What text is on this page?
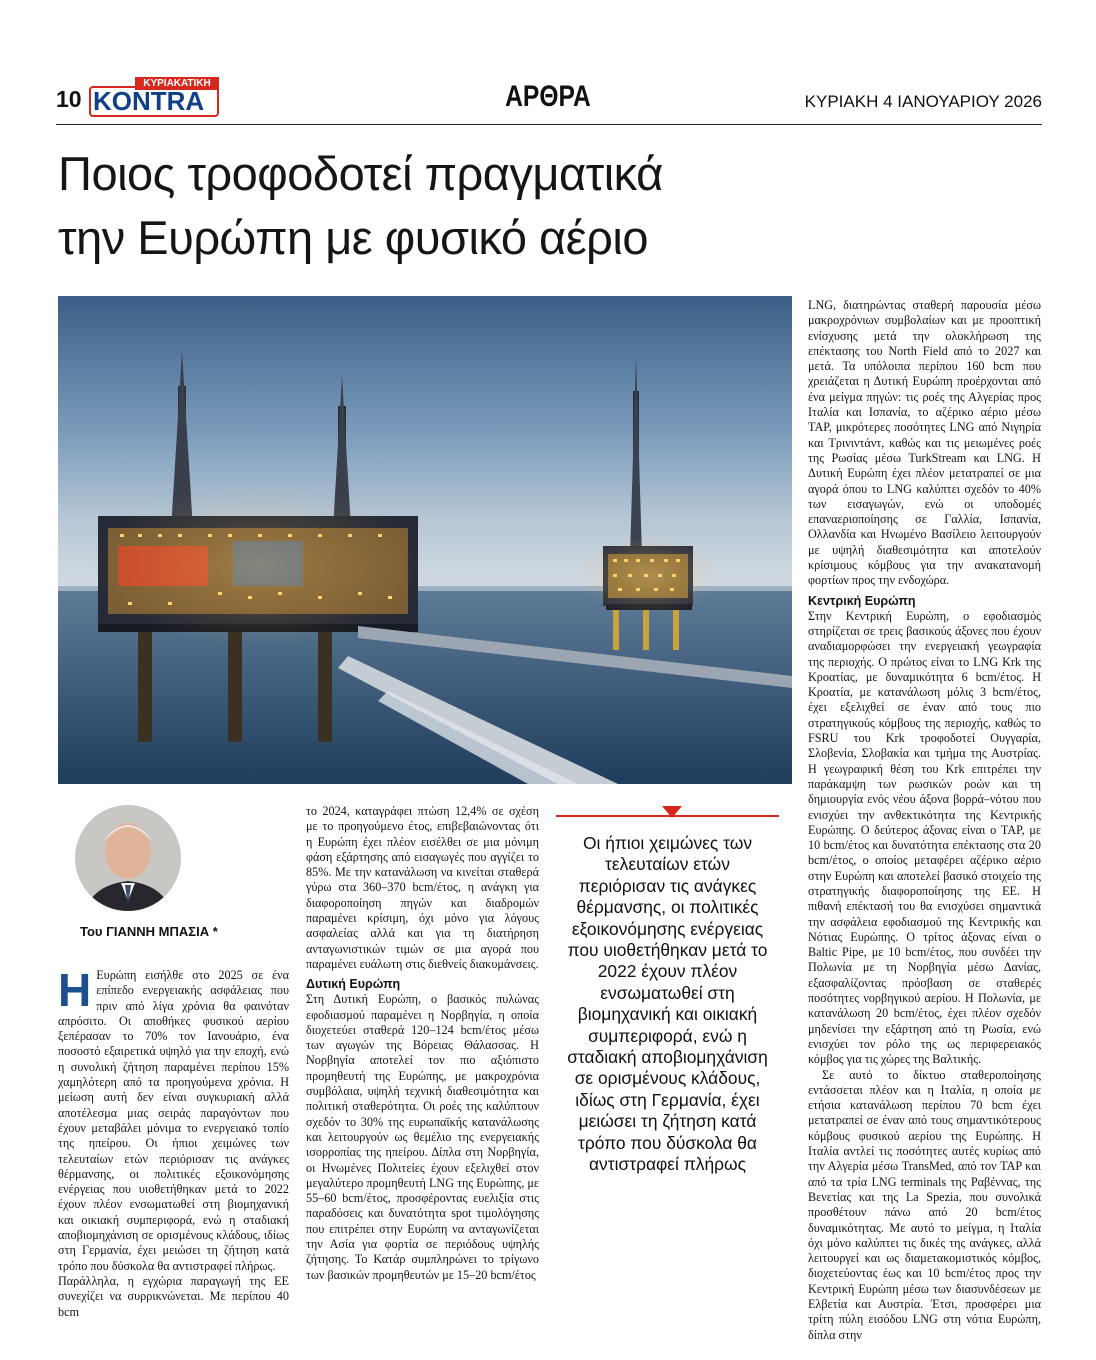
10
ΚΥΡΙΑΚΑΤΙΚΗ
KONTRA	ΑΡΘΡΑ	ΚΥΡΙΑΚΗ 4 ΙΑΝΟΥΑΡΙΟΥ 2026
Ποιος τροφοδοτεί πραγματικά
την Ευρώπη με φυσικό αέριο

LNG, διατηρώντας σταθερή παρουσία μέσω μακροχρόνιων συμβολαίων και με προοπτική ενίσχυσης μετά την ολοκλήρωση της επέκτασης του North Field από το 2027 και μετά. Τα υπόλοιπα περίπου 160 bcm που χρειάζεται η Δυτική Ευρώπη προέρχονται από ένα μείγμα πηγών: τις ροές της Αλγερίας προς Ιταλία και Ισπανία, το αζέρικο αέριο μέσω TAP, μικρότερες ποσότητες LNG από Νιγηρία και Τρινιντάντ, καθώς και τις μειωμένες ροές της Ρωσίας μέσω TurkStream και LNG. Η Δυτική Ευρώπη έχει πλέον μετατραπεί σε μια αγορά όπου το LNG καλύπτει σχεδόν το 40% των εισαγωγών, ενώ οι υποδομές επαναεριοποίησης σε Γαλλία, Ισπανία, Ολλανδία και Ηνωμένο Βασίλειο λειτουργούν με υψηλή διαθεσιμότητα και αποτελούν κρίσιμους κόμβους για την ανακατανομή φορτίων προς την ενδοχώρα.

Κεντρική Ευρώπη

Στην Κεντρική Ευρώπη, ο εφοδιασμός στηρίζεται σε τρεις βασικούς άξονες που έχουν αναδιαμορφώσει την ενεργειακή γεωγραφία της περιοχής. Ο πρώτος είναι το LNG Krk της Κροατίας, με δυναμικότητα 6 bcm/έτος. Η Κροατία, με κατανάλωση μόλις 3 bcm/έτος, έχει εξελιχθεί σε έναν από τους πιο στρατηγικούς κόμβους της περιοχής, καθώς το FSRU του Krk τροφοδοτεί Ουγγαρία, Σλοβενία, Σλοβακία και τμήμα της Αυστρίας. Η γεωγραφική θέση του Krk επιτρέπει την παράκαμψη των ρωσικών ροών και τη δημιουργία ενός νέου άξονα βορρά–νότου που ενισχύει την ανθεκτικότητα της Κεντρικής Ευρώπης. Ο δεύτερος άξονας είναι ο TAP, με 10 bcm/έτος και δυνατότητα επέκτασης στα 20 bcm/έτος, ο οποίος μεταφέρει αζέρικο αέριο στην Ευρώπη και αποτελεί βασικό στοιχείο της στρατηγικής διαφοροποίησης της ΕΕ. Η πιθανή επέκτασή του θα ενισχύσει σημαντικά την ασφάλεια εφοδιασμού της Κεντρικής και Νότιας Ευρώπης. Ο τρίτος άξονας είναι ο Baltic Pipe, με 10 bcm/έτος, που συνδέει την Πολωνία με τη Νορβηγία μέσω Δανίας, εξασφαλίζοντας πρόσβαση σε σταθερές ποσότητες νορβηγικού αερίου. Η Πολωνία, με κατανάλωση 20 bcm/έτος, έχει πλέον σχεδόν μηδενίσει την εξάρτηση από τη Ρωσία, ενώ ενισχύει τον ρόλο της ως περιφερειακός κόμβος για τις χώρες της Βαλτικής.

Σε αυτό το δίκτυο σταθεροποίησης εντάσσεται πλέον και η Ιταλία, η οποία με ετήσια κατανάλωση περίπου 70 bcm έχει μετατραπεί σε έναν από τους σημαντικότερους κόμβους φυσικού αερίου της Ευρώπης. Η Ιταλία αντλεί τις ποσότητες αυτές κυρίως από την Αλγερία μέσω TransMed, από τον TAP και από τα τρία LNG terminals της Ραβέννας, της Βενετίας και της La Spezia, που συνολικά προσθέτουν πάνω από 20 bcm/έτος δυναμικότητας. Με αυτό το μείγμα, η Ιταλία όχι μόνο καλύπτει τις δικές της ανάγκες, αλλά λειτουργεί και ως διαμετακομιστικός κόμβος, διοχετεύοντας έως και 10 bcm/έτος προς την Κεντρική Ευρώπη μέσω των διασυνδέσεων με Ελβετία και Αυστρία. Έτσι, προσφέρει μια τρίτη πύλη εισόδου LNG στη νότια Ευρώπη, δίπλα στην

Του ΓΙΑΝΝΗ ΜΠΑΣΙΑ *

Η Ευρώπη εισήλθε στο 2025 σε ένα επίπεδο ενεργειακής ασφάλειας που πριν από λίγα χρόνια θα φαινόταν απρόσιτο. Οι αποθήκες φυσικού αερίου ξεπέρασαν το 70% τον Ιανουάριο, ένα ποσοστό εξαιρετικά υψηλό για την εποχή, ενώ η συνολική ζήτηση παραμένει περίπου 15% χαμηλότερη από τα προηγούμενα χρόνια. Η μείωση αυτή δεν είναι συγκυριακή αλλά αποτέλεσμα μιας σειράς παραγόντων που έχουν μεταβάλει μόνιμα το ενεργειακό τοπίο της ηπείρου. Οι ήπιοι χειμώνες των τελευταίων ετών περιόρισαν τις ανάγκες θέρμανσης, οι πολιτικές εξοικονόμησης ενέργειας που υιοθετήθηκαν μετά το 2022 έχουν πλέον ενσωματωθεί στη βιομηχανική και οικιακή συμπεριφορά, ενώ η σταδιακή αποβιομηχάνιση σε ορισμένους κλάδους, ιδίως στη Γερμανία, έχει μειώσει τη ζήτηση κατά τρόπο που δύσκολα θα αντιστραφεί πλήρως.

Παράλληλα, η εγχώρια παραγωγή της ΕΕ συνεχίζει να συρρικνώνεται. Με περίπου 40 bcm

το 2024, καταγράφει πτώση 12,4% σε σχέση με το προηγούμενο έτος, επιβεβαιώνοντας ότι η Ευρώπη έχει πλέον εισέλθει σε μια μόνιμη φάση εξάρτησης από εισαγωγές που αγγίζει το 85%. Με την κατανάλωση να κινείται σταθερά γύρω στα 360–370 bcm/έτος, η ανάγκη για διαφοροποίηση πηγών και διαδρομών παραμένει κρίσιμη, όχι μόνο για λόγους ασφαλείας αλλά και για τη διατήρηση ανταγωνιστικών τιμών σε μια αγορά που παραμένει ευάλωτη στις διεθνείς διακυμάνσεις.

Δυτική Ευρώπη

Στη Δυτική Ευρώπη, ο βασικός πυλώνας εφοδιασμού παραμένει η Νορβηγία, η οποία διοχετεύει σταθερά 120–124 bcm/έτος μέσω των αγωγών της Βόρειας Θάλασσας. Η Νορβηγία αποτελεί τον πιο αξιόπιστο προμηθευτή της Ευρώπης, με μακροχρόνια συμβόλαια, υψηλή τεχνική διαθεσιμότητα και πολιτική σταθερότητα. Οι ροές της καλύπτουν σχεδόν το 30% της ευρωπαϊκής κατανάλωσης και λειτουργούν ως θεμέλιο της ενεργειακής ισορροπίας της ηπείρου. Δίπλα στη Νορβηγία, οι Ηνωμένες Πολιτείες έχουν εξελιχθεί στον μεγαλύτερο προμηθευτή LNG της Ευρώπης, με 55–60 bcm/έτος, προσφέροντας ευελιξία στις παραδόσεις και δυνατότητα spot τιμολόγησης που επιτρέπει στην Ευρώπη να ανταγωνίζεται την Ασία για φορτία σε περιόδους υψηλής ζήτησης. Το Κατάρ συμπληρώνει το τρίγωνο των βασικών προμηθευτών με 15–20 bcm/έτος

Οι ήπιοι χειμώνες των τελευταίων ετών περιόρισαν τις ανάγκες θέρμανσης, οι πολιτικές εξοικονόμησης ενέργειας που υιοθετήθηκαν μετά το 2022 έχουν πλέον ενσωματωθεί στη βιομηχανική και οικιακή συμπεριφορά, ενώ η σταδιακή αποβιομηχάνιση σε ορισμένους κλάδους, ιδίως στη Γερμανία, έχει μειώσει τη ζήτηση κατά τρόπο που δύσκολα θα αντιστραφεί πλήρως
